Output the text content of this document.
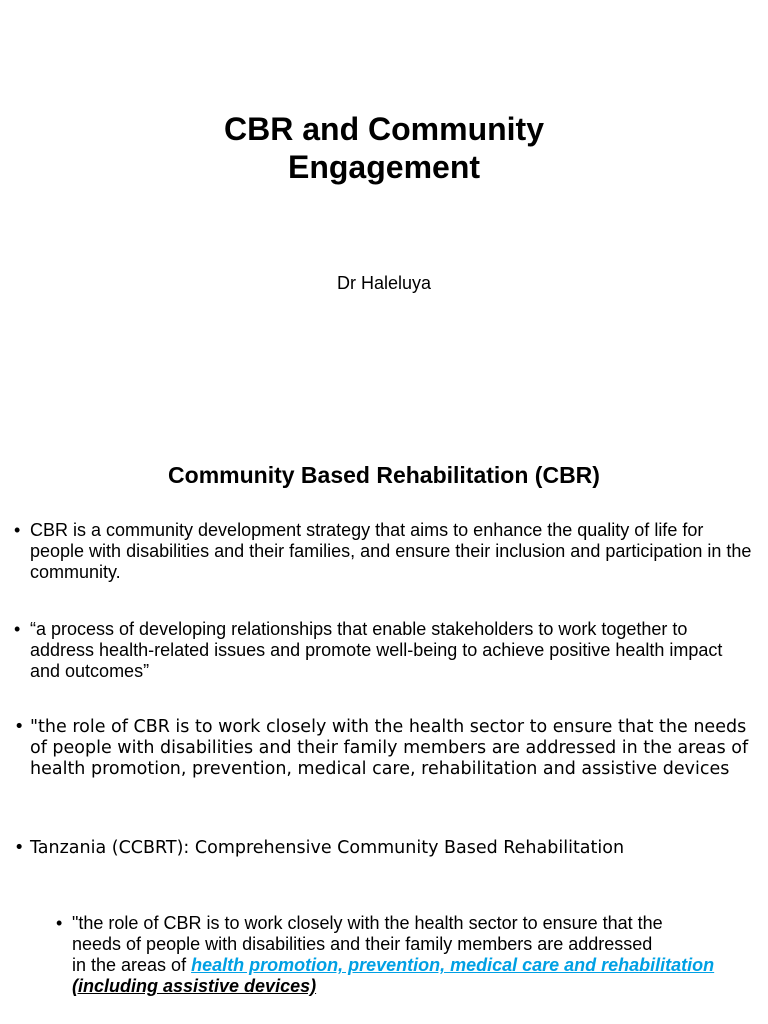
CBR and Community
Engagement
Dr Haleluya
Community Based Rehabilitation (CBR)
• CBR is a community development strategy that aims to enhance the quality of life for people with disabilities and their families, and ensure their inclusion and participation in the community.
• “a process of developing relationships that enable stakeholders to work together to address health-related issues and promote well-being to achieve positive health impact and outcomes”
• "the role of CBR is to work closely with the health sector to ensure that the needs of people with disabilities and their family members are addressed in the areas of health promotion, prevention, medical care, rehabilitation and assistive devices
• Tanzania (CCBRT): Comprehensive Community Based Rehabilitation
• "the role of CBR is to work closely with the health sector to ensure that the
needs of people with disabilities and their family members are addressed
in the areas of health promotion, prevention, medical care and rehabilitation (including assistive devices)
